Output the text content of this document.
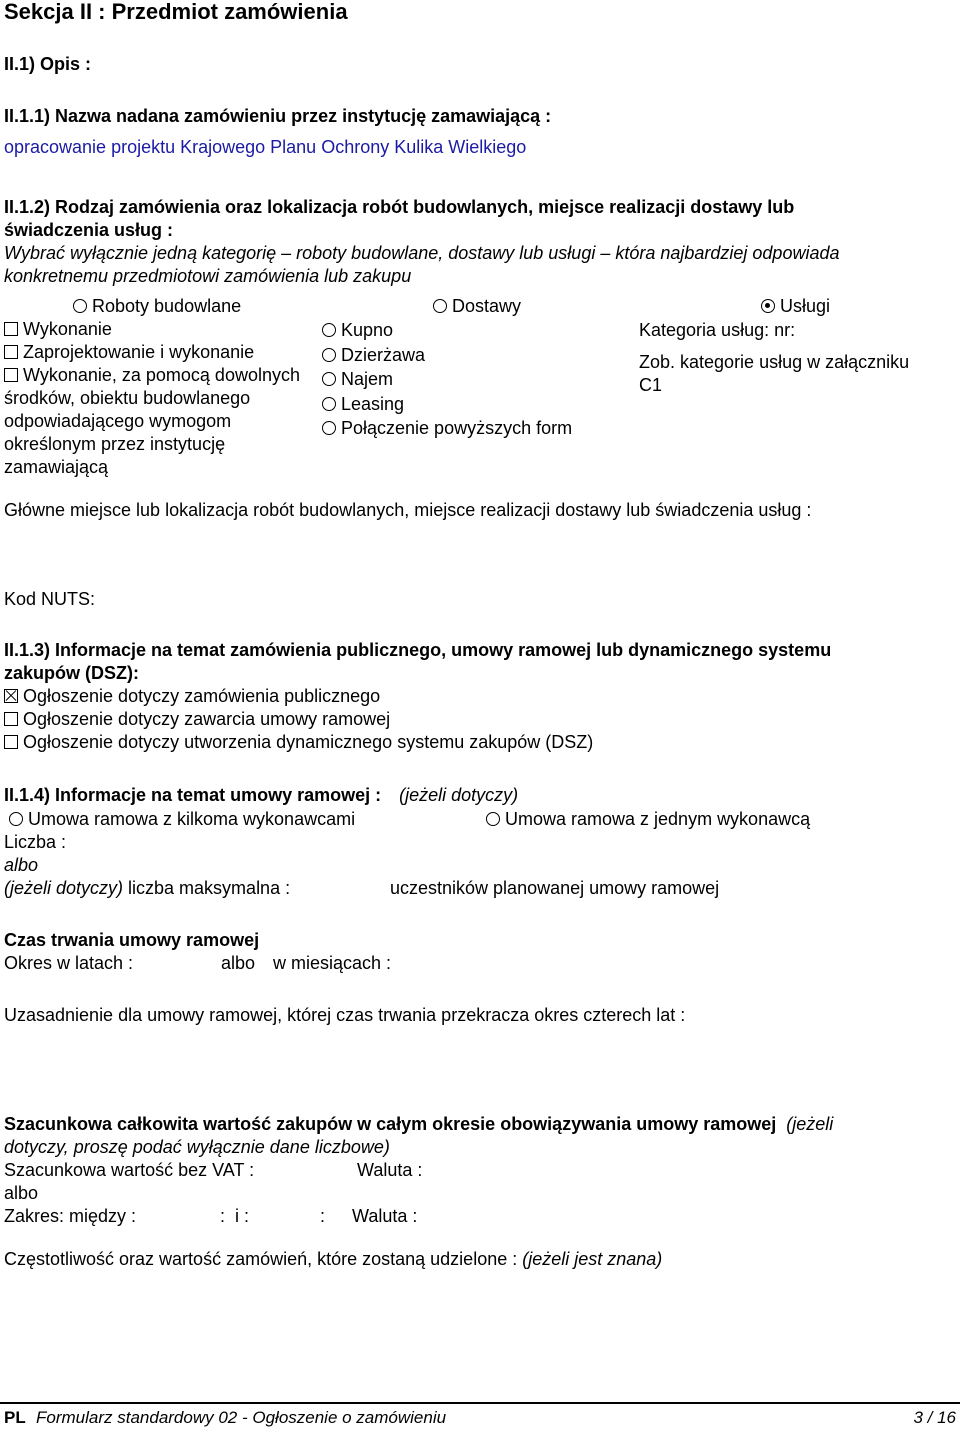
Sekcja II : Przedmiot zamówienia
II.1) Opis :
II.1.1) Nazwa nadana zamówieniu przez instytucję zamawiającą :
opracowanie projektu Krajowego Planu Ochrony Kulika Wielkiego
II.1.2) Rodzaj zamówienia oraz lokalizacja robót budowlanych, miejsce realizacji dostawy lub
świadczenia usług :
Wybrać wyłącznie jedną kategorię – roboty budowlane, dostawy lub usługi – która najbardziej odpowiada
konkretnemu przedmiotowi zamówienia lub zakupu
Roboty budowlane	Dostawy	Usługi
Wykonanie
Zaprojektowanie i wykonanie
Wykonanie, za pomocą dowolnych
środków, obiektu budowlanego
odpowiadającego wymogom
określonym przez instytucję
zamawiającą
Kupno
Dzierżawa
Najem
Leasing
Połączenie powyższych form
Kategoria usług: nr:
Zob. kategorie usług w załączniku
C1
Główne miejsce lub lokalizacja robót budowlanych, miejsce realizacji dostawy lub świadczenia usług :
Kod NUTS:
II.1.3) Informacje na temat zamówienia publicznego, umowy ramowej lub dynamicznego systemu
zakupów (DSZ):
Ogłoszenie dotyczy zamówienia publicznego
Ogłoszenie dotyczy zawarcia umowy ramowej
Ogłoszenie dotyczy utworzenia dynamicznego systemu zakupów (DSZ)
II.1.4) Informacje na temat umowy ramowej : (jeżeli dotyczy)
Umowa ramowa z kilkoma wykonawcami	Umowa ramowa z jednym wykonawcą
Liczba :
albo
(jeżeli dotyczy) liczba maksymalna :	uczestników planowanej umowy ramowej
Czas trwania umowy ramowej
Okres w latach :	albo w miesiącach :
Uzasadnienie dla umowy ramowej, której czas trwania przekracza okres czterech lat :
Szacunkowa całkowita wartość zakupów w całym okresie obowiązywania umowy ramowej (jeżeli
dotyczy, proszę podać wyłącznie dane liczbowe)
Szacunkowa wartość bez VAT :	Waluta :
albo
Zakres: między :	: i :	: Waluta :
Częstotliwość oraz wartość zamówień, które zostaną udzielone : (jeżeli jest znana)
PL Formularz standardowy 02 - Ogłoszenie o zamówieniu	3 / 16
